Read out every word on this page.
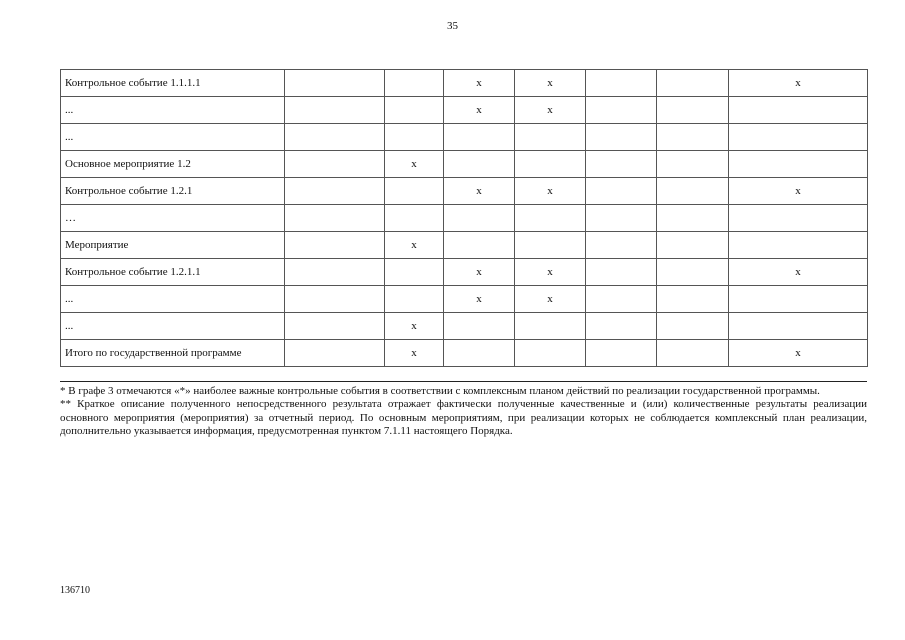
35
Контрольное событие 1.1.1.1			x	x			x
...			x	x			
...							
Основное мероприятие 1.2		x					
Контрольное событие 1.2.1			x	x			x
…							
Мероприятие		x					
Контрольное событие 1.2.1.1			x	x			x
...			x	x			
...		x					
Итого по государственной программе		x					x

* В графе 3 отмечаются «*» наиболее важные контрольные события в соответствии с комплексным планом действий по реализации государственной программы.

** Краткое описание полученного непосредственного результата отражает фактически полученные качественные и (или) количественные результаты реализации основного мероприятия (мероприятия) за отчетный период. По основным мероприятиям, при реализации которых не соблюдается комплексный план реализации, дополнительно указывается информация, предусмотренная пунктом 7.1.11 настоящего Порядка.

136710
